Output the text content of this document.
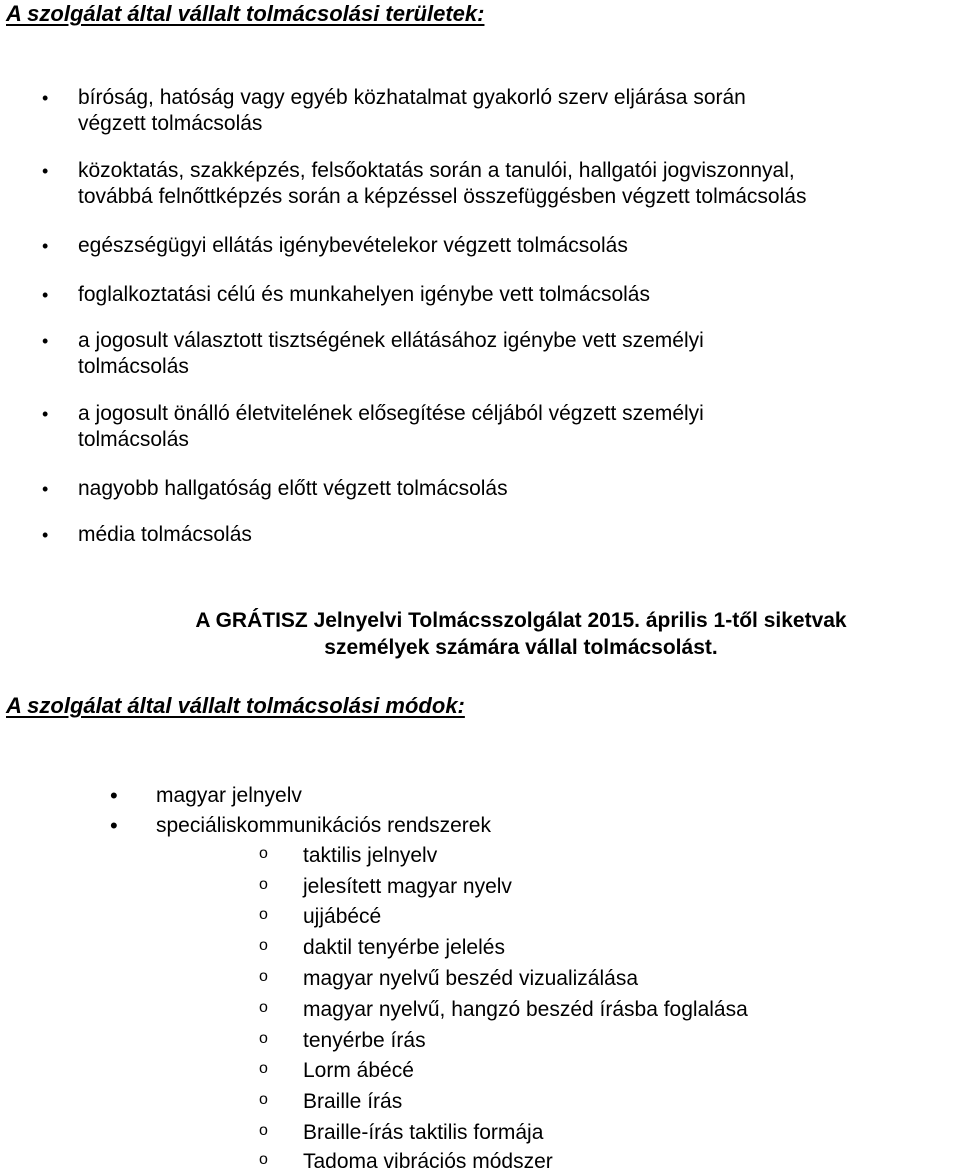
A szolgálat által vállalt tolmácsolási területek:
• bíróság, hatóság vagy egyéb közhatalmat gyakorló szerv eljárása során
végzett tolmácsolás
• közoktatás, szakképzés, felsőoktatás során a tanulói, hallgatói jogviszonnyal,
továbbá felnőttképzés során a képzéssel összefüggésben végzett tolmácsolás
• egészségügyi ellátás igénybevételekor végzett tolmácsolás
• foglalkoztatási célú és munkahelyen igénybe vett tolmácsolás
• a jogosult választott tisztségének ellátásához igénybe vett személyi
tolmácsolás
• a jogosult önálló életvitelének elősegítése céljából végzett személyi
tolmácsolás
• nagyobb hallgatóság előtt végzett tolmácsolás
• média tolmácsolás
A GRÁTISZ Jelnyelvi Tolmácsszolgálat 2015. április 1-től siketvak
személyek számára vállal tolmácsolást.
A szolgálat által vállalt tolmácsolási módok:
• magyar jelnyelv
• speciáliskommunikációs rendszerek
o taktilis jelnyelv
o jelesített magyar nyelv
o ujjábécé
o daktil tenyérbe jelelés
o magyar nyelvű beszéd vizualizálása
o magyar nyelvű, hangzó beszéd írásba foglalása
o tenyérbe írás
o Lorm ábécé
o Braille írás
o Braille-írás taktilis formája
o Tadoma vibrációs módszer
